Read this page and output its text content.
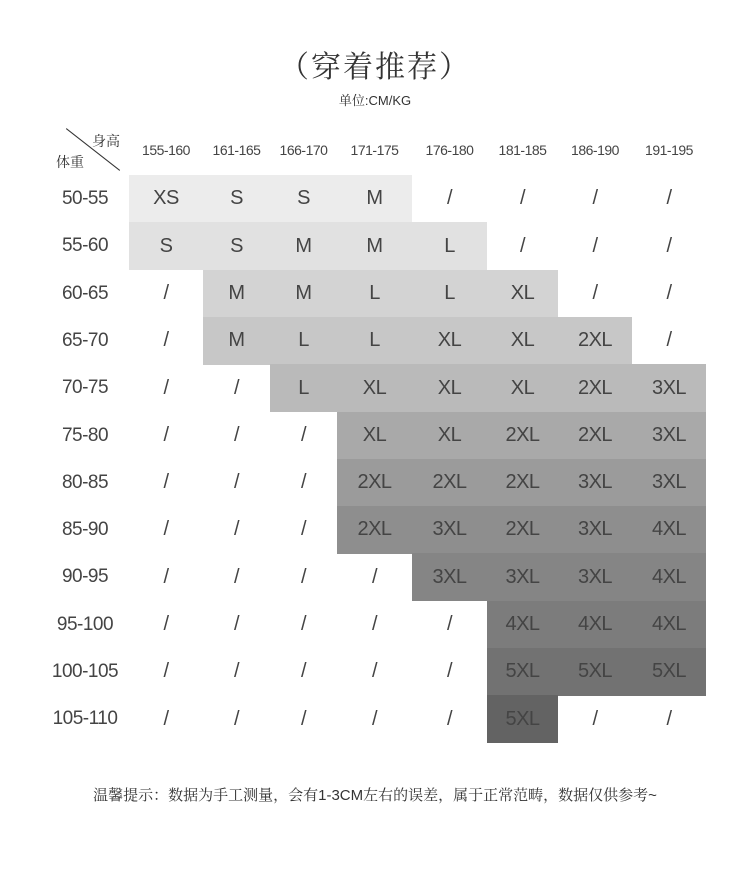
（穿着推荐）
单位:CM/KG
身高
体重
155-160	161-165	166-170	171-175	176-180	181-185	186-190	191-195
50-55	XS	S	S	M	/	/	/	/
55-60	S	S	M	M	L	/	/	/
60-65	/	M	M	L	L	XL	/	/
65-70	/	M	L	L	XL	XL	2XL	/
70-75	/	/	L	XL	XL	XL	2XL	3XL
75-80	/	/	/	XL	XL	2XL	2XL	3XL
80-85	/	/	/	2XL	2XL	2XL	3XL	3XL
85-90	/	/	/	2XL	3XL	2XL	3XL	4XL
90-95	/	/	/	/	3XL	3XL	3XL	4XL
95-100	/	/	/	/	/	4XL	4XL	4XL
100-105	/	/	/	/	/	5XL	5XL	5XL
105-110	/	/	/	/	/	5XL	/	/
温馨提示：数据为手工测量，会有1-3CM左右的误差，属于正常范畴，数据仅供参考~
